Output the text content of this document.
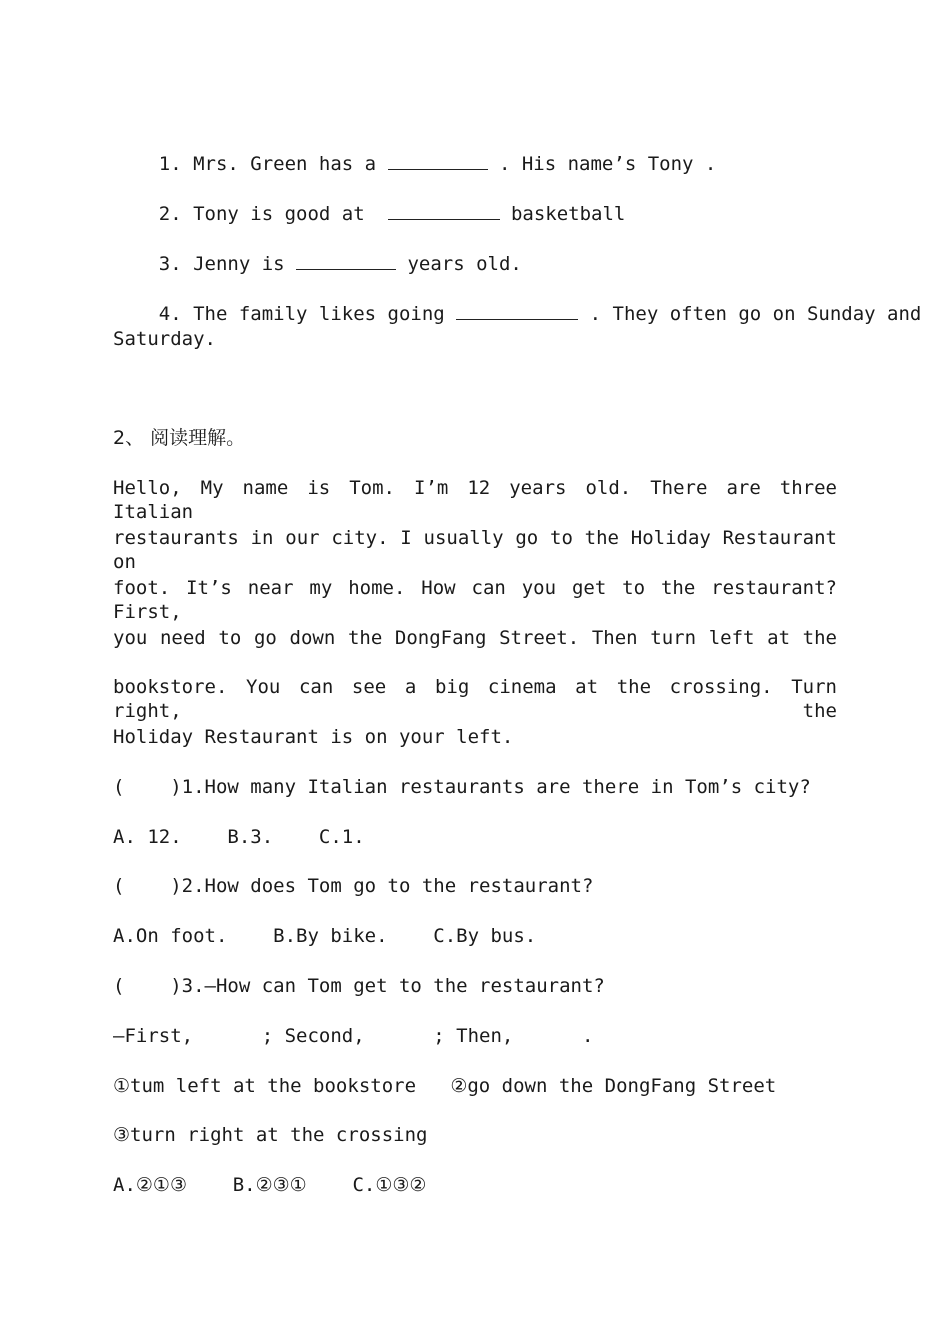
1. Mrs. Green has a	. His name’s Tony .

2. Tony is good at	basketball

3. Jenny is	years old.

4. The family likes going	. They often go on Sunday and

Saturday.
2、 阅读理解。
Hello, My name is Tom. I’m 12 years old. There are three Italian
restaurants in our city. I usually go to the Holiday Restaurant on
foot. It’s near my home. How can you get to the restaurant? First,
you need to go down the DongFang Street. Then turn left at the
bookstore. You can see a big cinema at the crossing. Turn right, the
Holiday Restaurant is on your left.
(    )1.How many Italian restaurants are there in Tom’s city?
A. 12.    B.3.    C.1.
(    )2.How does Tom go to the restaurant?
A.On foot.    B.By bike.    C.By bus.
(    )3.—How can Tom get to the restaurant?
—First,      ; Second,      ; Then,      .
①tum left at the bookstore   ②go down the DongFang Street
③turn right at the crossing
A.②①③    B.②③①    C.①③②
